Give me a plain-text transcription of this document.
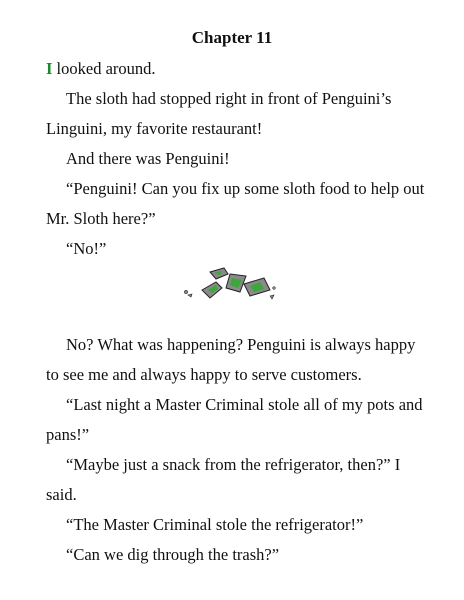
Chapter 11

I looked around.

The sloth had stopped right in front of Penguini’s Linguini, my favorite restaurant!

And there was Penguini!

“Penguini! Can you fix up some sloth food to help out Mr. Sloth here?”

“No!”

No? What was happening? Penguini is always happy to see me and always happy to serve customers.

“Last night a Master Criminal stole all of my pots and pans!”

“Maybe just a snack from the refrigerator, then?” I said.

“The Master Criminal stole the refrigerator!”

“Can we dig through the trash?”
